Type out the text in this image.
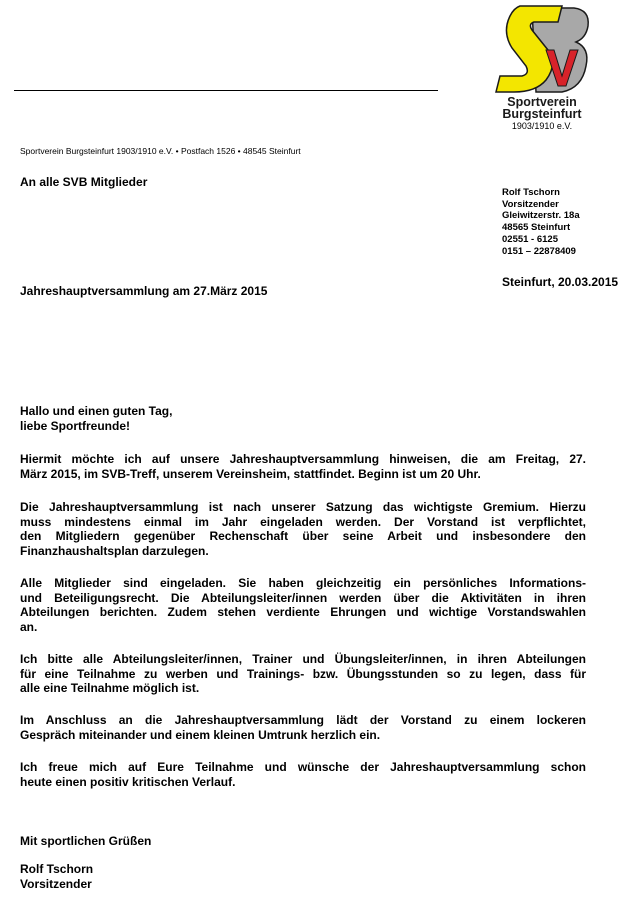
Sportverein
Burgsteinfurt
1903/1910 e.V.
Sportverein Burgsteinfurt 1903/1910 e.V. • Postfach 1526 • 48545 Steinfurt
An alle SVB Mitglieder
Rolf Tschorn
Vorsitzender
Gleiwitzerstr. 18a
48565 Steinfurt
02551 - 6125
0151 – 22878409
Steinfurt, 20.03.2015
Jahreshauptversammlung am 27.März 2015
Hallo und einen guten Tag,
liebe Sportfreunde!
Hiermit möchte ich auf unsere Jahreshauptversammlung hinweisen, die am Freitag, 27.
März 2015, im SVB-Treff, unserem Vereinsheim, stattfindet. Beginn ist um 20 Uhr.
Die Jahreshauptversammlung ist nach unserer Satzung das wichtigste Gremium. Hierzu
muss mindestens einmal im Jahr eingeladen werden. Der Vorstand ist verpflichtet,
den Mitgliedern gegenüber Rechenschaft über seine Arbeit und insbesondere den
Finanzhaushaltsplan darzulegen.
Alle Mitglieder sind eingeladen. Sie haben gleichzeitig ein persönliches Informations-
und Beteiligungsrecht. Die Abteilungsleiter/innen werden über die Aktivitäten in ihren
Abteilungen berichten. Zudem stehen verdiente Ehrungen und wichtige Vorstandswahlen
an.
Ich bitte alle Abteilungsleiter/innen, Trainer und Übungsleiter/innen, in ihren Abteilungen
für eine Teilnahme zu werben und Trainings- bzw. Übungsstunden so zu legen, dass für
alle eine Teilnahme möglich ist.
Im Anschluss an die Jahreshauptversammlung lädt der Vorstand zu einem lockeren
Gespräch miteinander und einem kleinen Umtrunk herzlich ein.
Ich freue mich auf Eure Teilnahme und wünsche der Jahreshauptversammlung schon
heute einen positiv kritischen Verlauf.
Mit sportlichen Grüßen
Rolf Tschorn
Vorsitzender
